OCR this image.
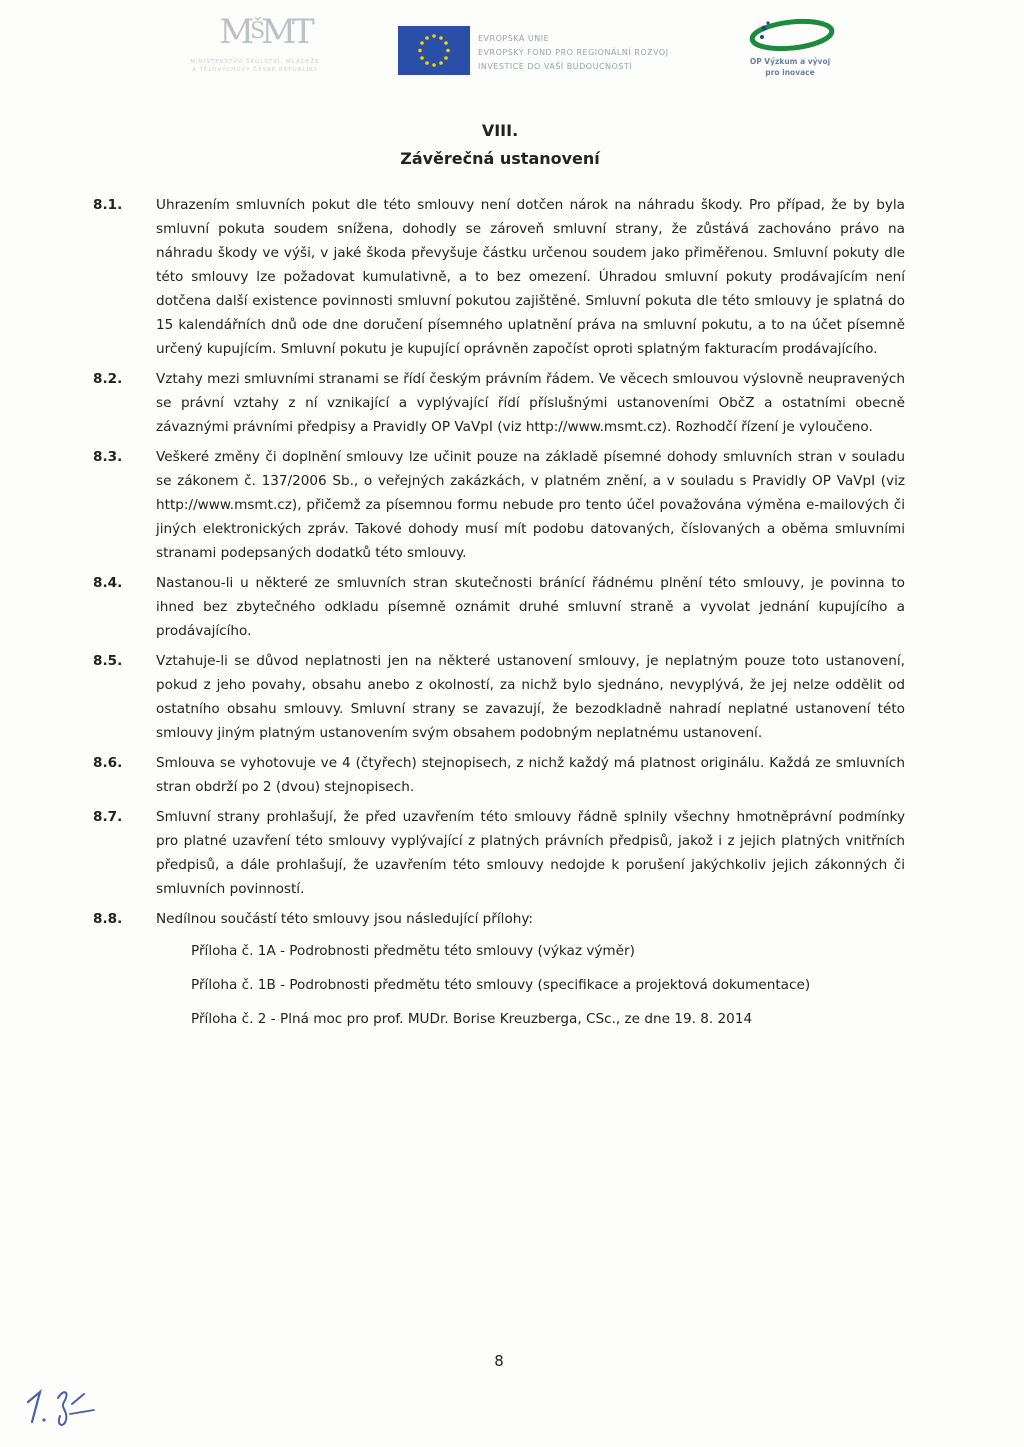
$M^ŠMT$
MINISTERSTVO ŠKOLSTVÍ, MLÁDEŽE
A TĚLOVÝCHOVY ČESKÉ REPUBLIKY
EVROPSKÁ UNIE
EVROPSKÝ FOND PRO REGIONÁLNÍ ROZVOJ
INVESTICE DO VAŠÍ BUDOUCNOSTI
OP Výzkum a vývoj
pro inovace
VIII.
Závěrečná ustanovení
8.1. Uhrazením smluvních pokut dle této smlouvy není dotčen nárok na náhradu škody. Pro případ, že by byla smluvní pokuta soudem snížena, dohodly se zároveň smluvní strany, že zůstává zachováno právo na náhradu škody ve výši, v jaké škoda převyšuje částku určenou soudem jako přiměřenou. Smluvní pokuty dle této smlouvy lze požadovat kumulativně, a to bez omezení. Úhradou smluvní pokuty prodávajícím není dotčena další existence povinnosti smluvní pokutou zajištěné. Smluvní pokuta dle této smlouvy je splatná do 15 kalendářních dnů ode dne doručení písemného uplatnění práva na smluvní pokutu, a to na účet písemně určený kupujícím. Smluvní pokutu je kupující oprávněn započíst oproti splatným fakturacím prodávajícího.
8.2. Vztahy mezi smluvními stranami se řídí českým právním řádem. Ve věcech smlouvou výslovně neupravených se právní vztahy z ní vznikající a vyplývající řídí příslušnými ustanoveními ObčZ a ostatními obecně závaznými právními předpisy a Pravidly OP VaVpI (viz http://www.msmt.cz). Rozhodčí řízení je vyloučeno.
8.3. Veškeré změny či doplnění smlouvy lze učinit pouze na základě písemné dohody smluvních stran v souladu se zákonem č. 137/2006 Sb., o veřejných zakázkách, v platném znění, a v souladu s Pravidly OP VaVpI (viz http://www.msmt.cz), přičemž za písemnou formu nebude pro tento účel považována výměna e-mailových či jiných elektronických zpráv. Takové dohody musí mít podobu datovaných, číslovaných a oběma smluvními stranami podepsaných dodatků této smlouvy.
8.4. Nastanou-li u některé ze smluvních stran skutečnosti bránící řádnému plnění této smlouvy, je povinna to ihned bez zbytečného odkladu písemně oznámit druhé smluvní straně a vyvolat jednání kupujícího a prodávajícího.
8.5. Vztahuje-li se důvod neplatnosti jen na některé ustanovení smlouvy, je neplatným pouze toto ustanovení, pokud z jeho povahy, obsahu anebo z okolností, za nichž bylo sjednáno, nevyplývá, že jej nelze oddělit od ostatního obsahu smlouvy. Smluvní strany se zavazují, že bezodkladně nahradí neplatné ustanovení této smlouvy jiným platným ustanovením svým obsahem podobným neplatnému ustanovení.
8.6. Smlouva se vyhotovuje ve 4 (čtyřech) stejnopisech, z nichž každý má platnost originálu. Každá ze smluvních stran obdrží po 2 (dvou) stejnopisech.
8.7. Smluvní strany prohlašují, že před uzavřením této smlouvy řádně splnily všechny hmotněprávní podmínky pro platné uzavření této smlouvy vyplývající z platných právních předpisů, jakož i z jejich platných vnitřních předpisů, a dále prohlašují, že uzavřením této smlouvy nedojde k porušení jakýchkoliv jejich zákonných či smluvních povinností.
8.8. Nedílnou součástí této smlouvy jsou následující přílohy:
Příloha č. 1A - Podrobnosti předmětu této smlouvy (výkaz výměr)
Příloha č. 1B - Podrobnosti předmětu této smlouvy (specifikace a projektová dokumentace)
Příloha č. 2 - Plná moc pro prof. MUDr. Borise Kreuzberga, CSc., ze dne 19. 8. 2014
8
